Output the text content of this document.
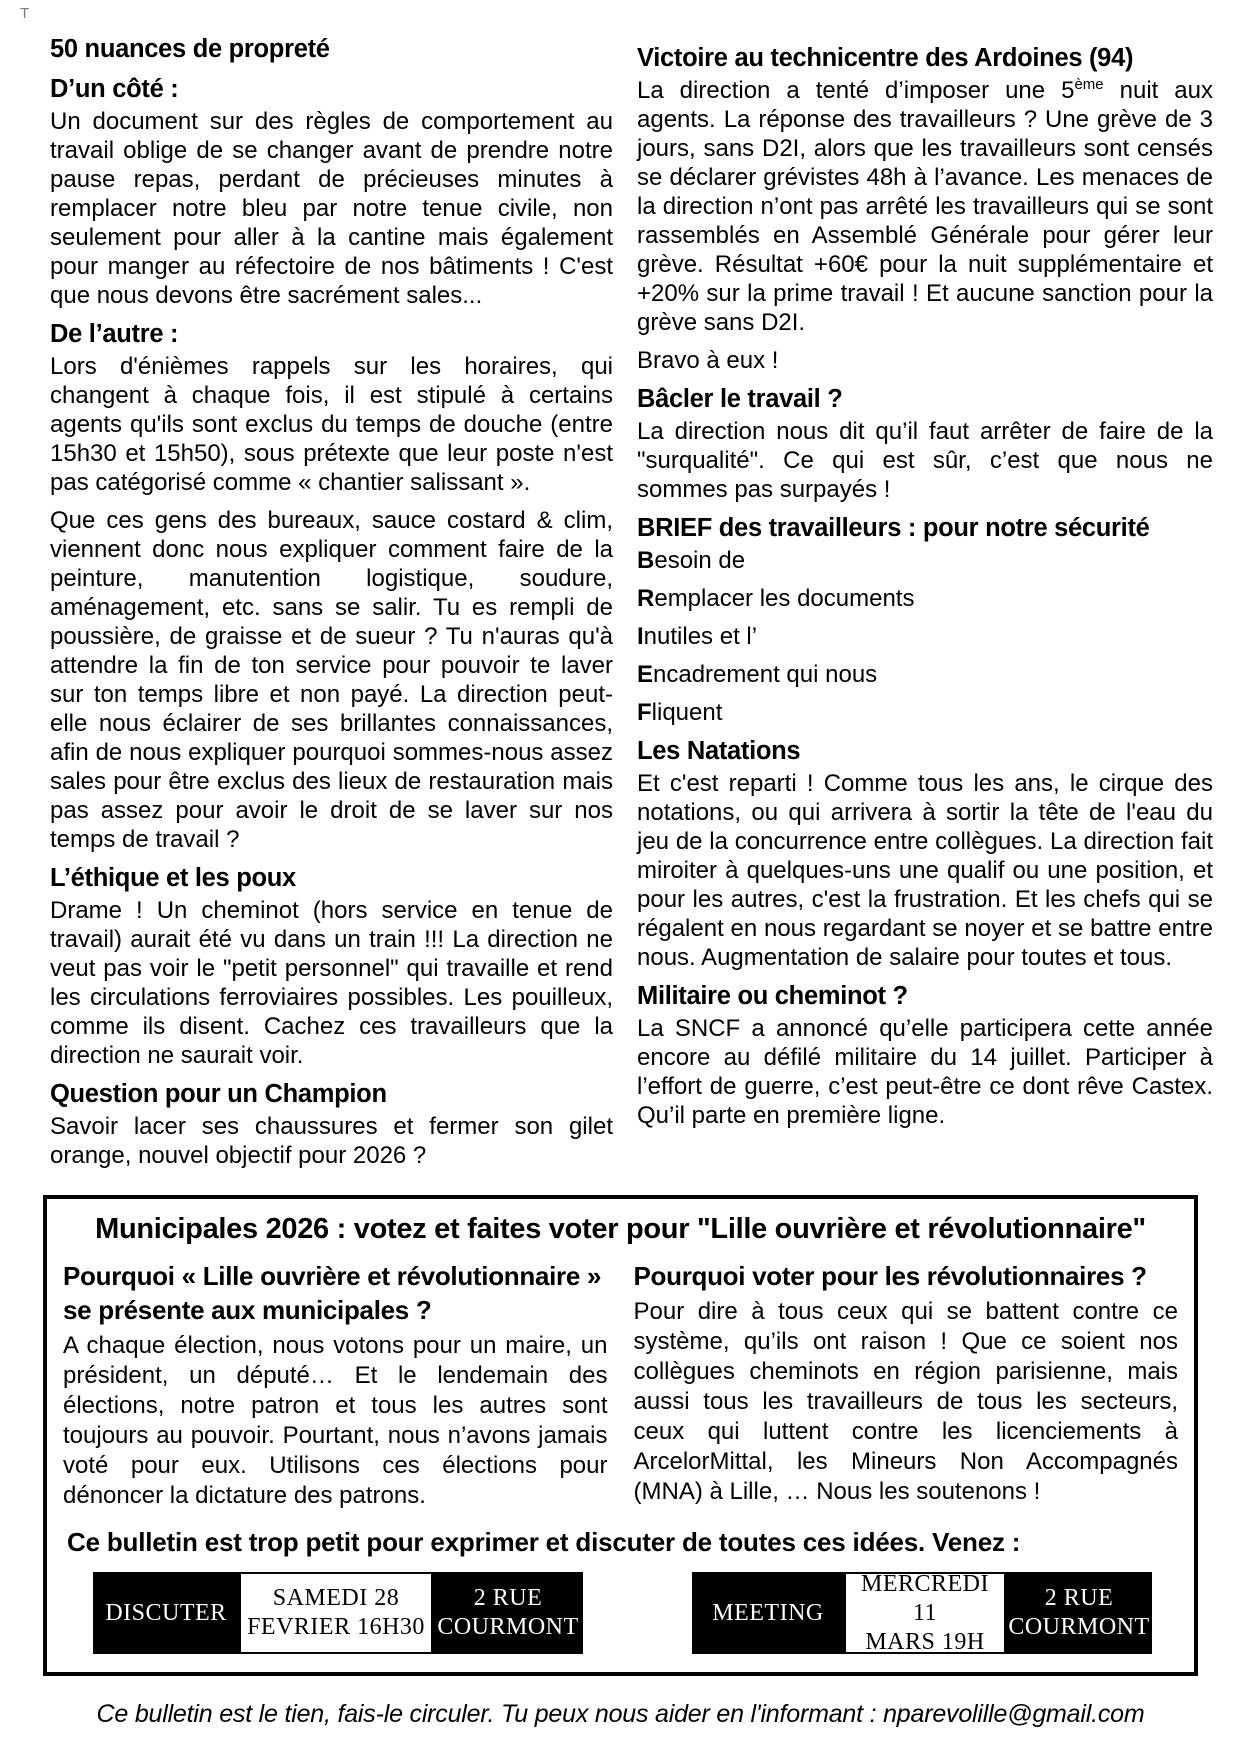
T
50 nuances de propreté
D’un côté :

Un document sur des règles de comportement au travail oblige de se changer avant de prendre notre pause repas, perdant de précieuses minutes à remplacer notre bleu par notre tenue civile, non seulement pour aller à la cantine mais également pour manger au réfectoire de nos bâtiments ! C'est que nous devons être sacrément sales...

De l’autre :

Lors d'énièmes rappels sur les horaires, qui changent à chaque fois, il est stipulé à certains agents qu'ils sont exclus du temps de douche (entre 15h30 et 15h50), sous prétexte que leur poste n'est pas catégorisé comme « chantier salissant ».

Que ces gens des bureaux, sauce costard & clim, viennent donc nous expliquer comment faire de la peinture, manutention logistique, soudure, aménagement, etc. sans se salir. Tu es rempli de poussière, de graisse et de sueur ? Tu n'auras qu'à attendre la fin de ton service pour pouvoir te laver sur ton temps libre et non payé. La direction peut-elle nous éclairer de ses brillantes connaissances, afin de nous expliquer pourquoi sommes-nous assez sales pour être exclus des lieux de restauration mais pas assez pour avoir le droit de se laver sur nos temps de travail ?

L’éthique et les poux

Drame ! Un cheminot (hors service en tenue de travail) aurait été vu dans un train !!! La direction ne veut pas voir le "petit personnel" qui travaille et rend les circulations ferroviaires possibles. Les pouilleux, comme ils disent. Cachez ces travailleurs que la direction ne saurait voir.

Question pour un Champion

Savoir lacer ses chaussures et fermer son gilet orange, nouvel objectif pour 2026 ?

Victoire au technicentre des Ardoines (94)

La direction a tenté d’imposer une 5ème nuit aux agents. La réponse des travailleurs ? Une grève de 3 jours, sans D2I, alors que les travailleurs sont censés se déclarer grévistes 48h à l’avance. Les menaces de la direction n’ont pas arrêté les travailleurs qui se sont rassemblés en Assemblé Générale pour gérer leur grève. Résultat +60€ pour la nuit supplémentaire et +20% sur la prime travail ! Et aucune sanction pour la grève sans D2I.

Bravo à eux !

Bâcler le travail ?

La direction nous dit qu’il faut arrêter de faire de la "surqualité". Ce qui est sûr, c’est que nous ne sommes pas surpayés !

BRIEF des travailleurs : pour notre sécurité

Besoin de

Remplacer les documents

Inutiles et l’

Encadrement qui nous

Fliquent

Les Natations

Et c'est reparti ! Comme tous les ans, le cirque des notations, ou qui arrivera à sortir la tête de l'eau du jeu de la concurrence entre collègues. La direction fait miroiter à quelques-uns une qualif ou une position, et pour les autres, c'est la frustration. Et les chefs qui se régalent en nous regardant se noyer et se battre entre nous. Augmentation de salaire pour toutes et tous.

Militaire ou cheminot ?

La SNCF a annoncé qu’elle participera cette année encore au défilé militaire du 14 juillet. Participer à l’effort de guerre, c’est peut-être ce dont rêve Castex. Qu’il parte en première ligne.

Municipales 2026 : votez et faites voter pour "Lille ouvrière et révolutionnaire"
Pourquoi « Lille ouvrière et révolutionnaire » se présente aux municipales ?

A chaque élection, nous votons pour un maire, un président, un député… Et le lendemain des élections, notre patron et tous les autres sont toujours au pouvoir. Pourtant, nous n’avons jamais voté pour eux. Utilisons ces élections pour dénoncer la dictature des patrons.

Pourquoi voter pour les révolutionnaires ?

Pour dire à tous ceux qui se battent contre ce système, qu’ils ont raison ! Que ce soient nos collègues cheminots en région parisienne, mais aussi tous les travailleurs de tous les secteurs, ceux qui luttent contre les licenciements à ArcelorMittal, les Mineurs Non Accompagnés (MNA) à Lille, … Nous les soutenons !

Ce bulletin est trop petit pour exprimer et discuter de toutes ces idées. Venez :
DISCUTER
SAMEDI 28
FEVRIER 16H30
2 RUE
COURMONT
MEETING
MERCREDI 11
MARS 19H
2 RUE
COURMONT
Ce bulletin est le tien, fais-le circuler. Tu peux nous aider en l'informant : nparevolille@gmail.com
